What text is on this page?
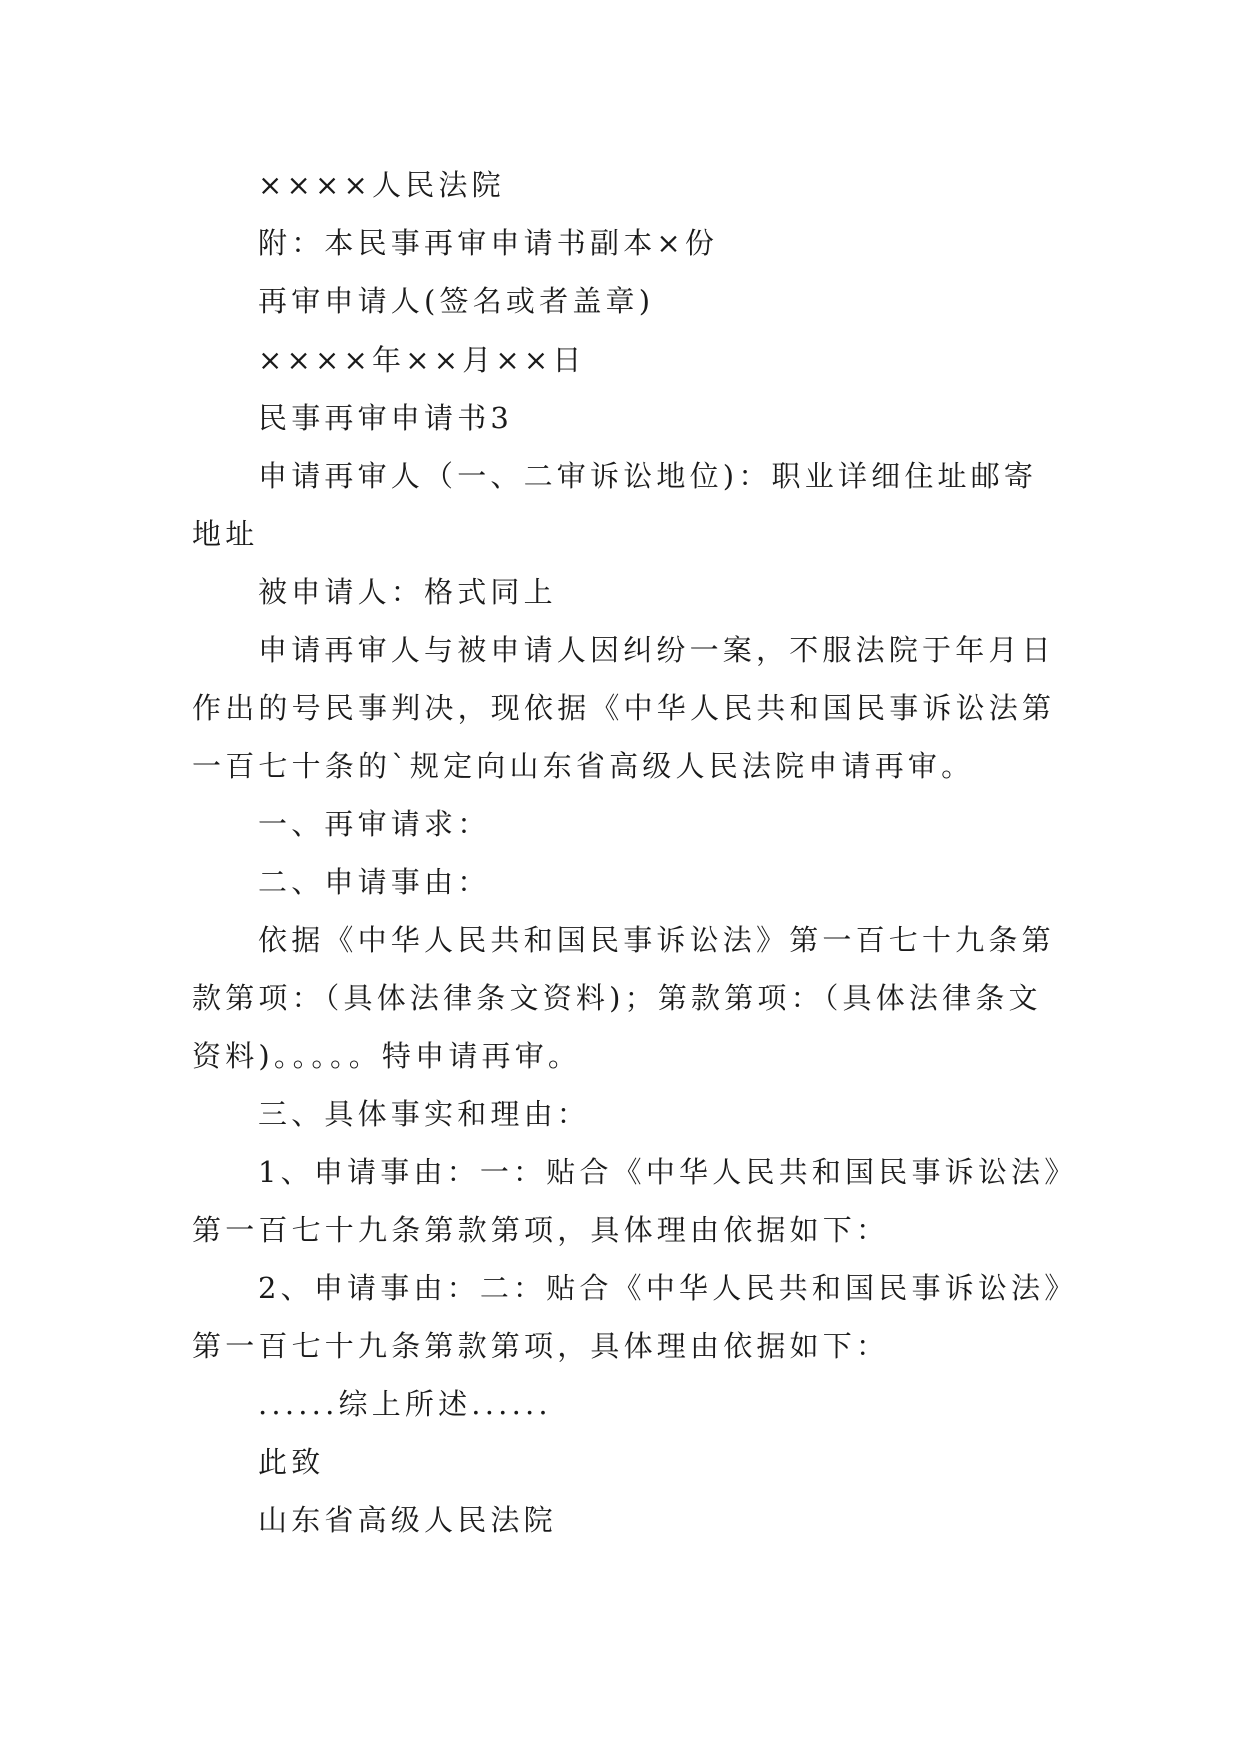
××××人民法院
附：本民事再审申请书副本×份
再审申请人(签名或者盖章)
××××年××月××日
民事再审申请书3
申请再审人（一、二审诉讼地位)：职业详细住址邮寄
地址
被申请人：格式同上
申请再审人与被申请人因纠纷一案，不服法院于年月日
作出的号民事判决，现依据《中华人民共和国民事诉讼法第
一百七十条的`规定向山东省高级人民法院申请再审。
一、再审请求：
二、申请事由：
依据《中华人民共和国民事诉讼法》第一百七十九条第
款第项：（具体法律条文资料)；第款第项：（具体法律条文
资料)。。。。。特申请再审。
三、具体事实和理由：
1、申请事由：一：贴合《中华人民共和国民事诉讼法》
第一百七十九条第款第项，具体理由依据如下：
2、申请事由：二：贴合《中华人民共和国民事诉讼法》
第一百七十九条第款第项，具体理由依据如下：
......综上所述......
此致
山东省高级人民法院
